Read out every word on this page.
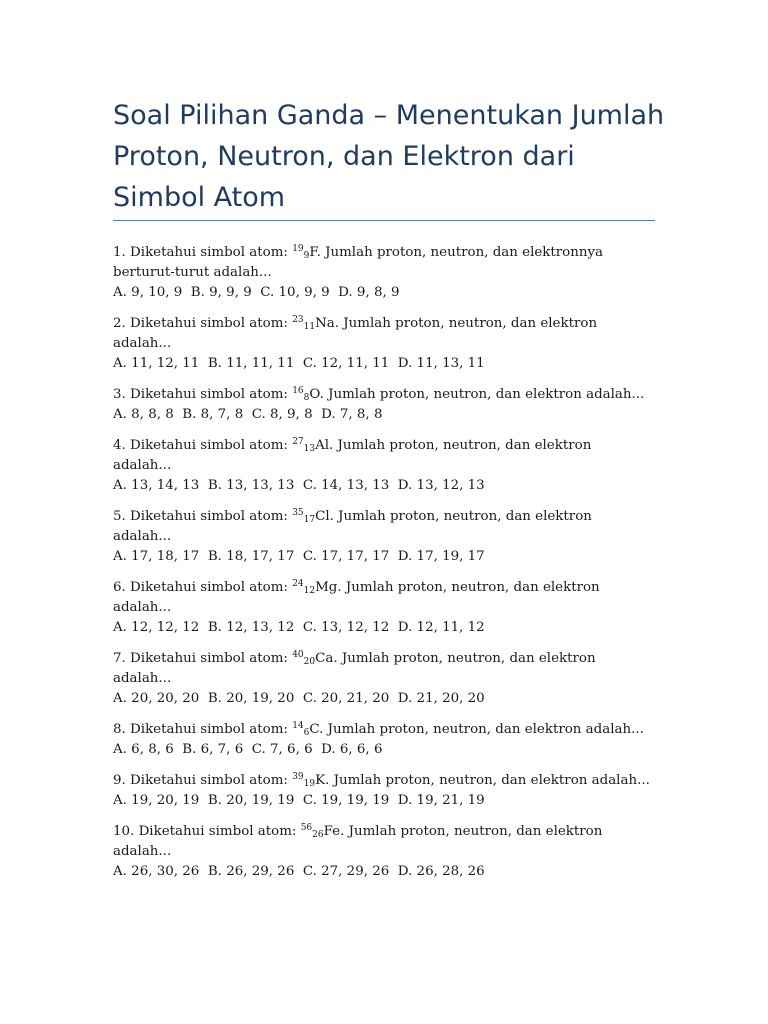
Soal Pilihan Ganda – Menentukan Jumlah Proton, Neutron, dan Elektron dari Simbol Atom
1. Diketahui simbol atom: $^{19}_9$F. Jumlah proton, neutron, dan elektronnya berturut-turut adalah...
A. 9, 10, 9  B. 9, 9, 9  C. 10, 9, 9  D. 9, 8, 9
2. Diketahui simbol atom: $^{23}_{11}$Na. Jumlah proton, neutron, dan elektron adalah...
A. 11, 12, 11  B. 11, 11, 11  C. 12, 11, 11  D. 11, 13, 11
3. Diketahui simbol atom: $^{16}_8$O. Jumlah proton, neutron, dan elektron adalah...
A. 8, 8, 8  B. 8, 7, 8  C. 8, 9, 8  D. 7, 8, 8
4. Diketahui simbol atom: $^{27}_{13}$Al. Jumlah proton, neutron, dan elektron adalah...
A. 13, 14, 13  B. 13, 13, 13  C. 14, 13, 13  D. 13, 12, 13
5. Diketahui simbol atom: $^{35}_{17}$Cl. Jumlah proton, neutron, dan elektron adalah...
A. 17, 18, 17  B. 18, 17, 17  C. 17, 17, 17  D. 17, 19, 17
6. Diketahui simbol atom: $^{24}_{12}$Mg. Jumlah proton, neutron, dan elektron adalah...
A. 12, 12, 12  B. 12, 13, 12  C. 13, 12, 12  D. 12, 11, 12
7. Diketahui simbol atom: $^{40}_{20}$Ca. Jumlah proton, neutron, dan elektron adalah...
A. 20, 20, 20  B. 20, 19, 20  C. 20, 21, 20  D. 21, 20, 20
8. Diketahui simbol atom: $^{14}_6$C. Jumlah proton, neutron, dan elektron adalah...
A. 6, 8, 6  B. 6, 7, 6  C. 7, 6, 6  D. 6, 6, 6
9. Diketahui simbol atom: $^{39}_{19}$K. Jumlah proton, neutron, dan elektron adalah...
A. 19, 20, 19  B. 20, 19, 19  C. 19, 19, 19  D. 19, 21, 19
10. Diketahui simbol atom: $^{56}_{26}$Fe. Jumlah proton, neutron, dan elektron adalah...
A. 26, 30, 26  B. 26, 29, 26  C. 27, 29, 26  D. 26, 28, 26
